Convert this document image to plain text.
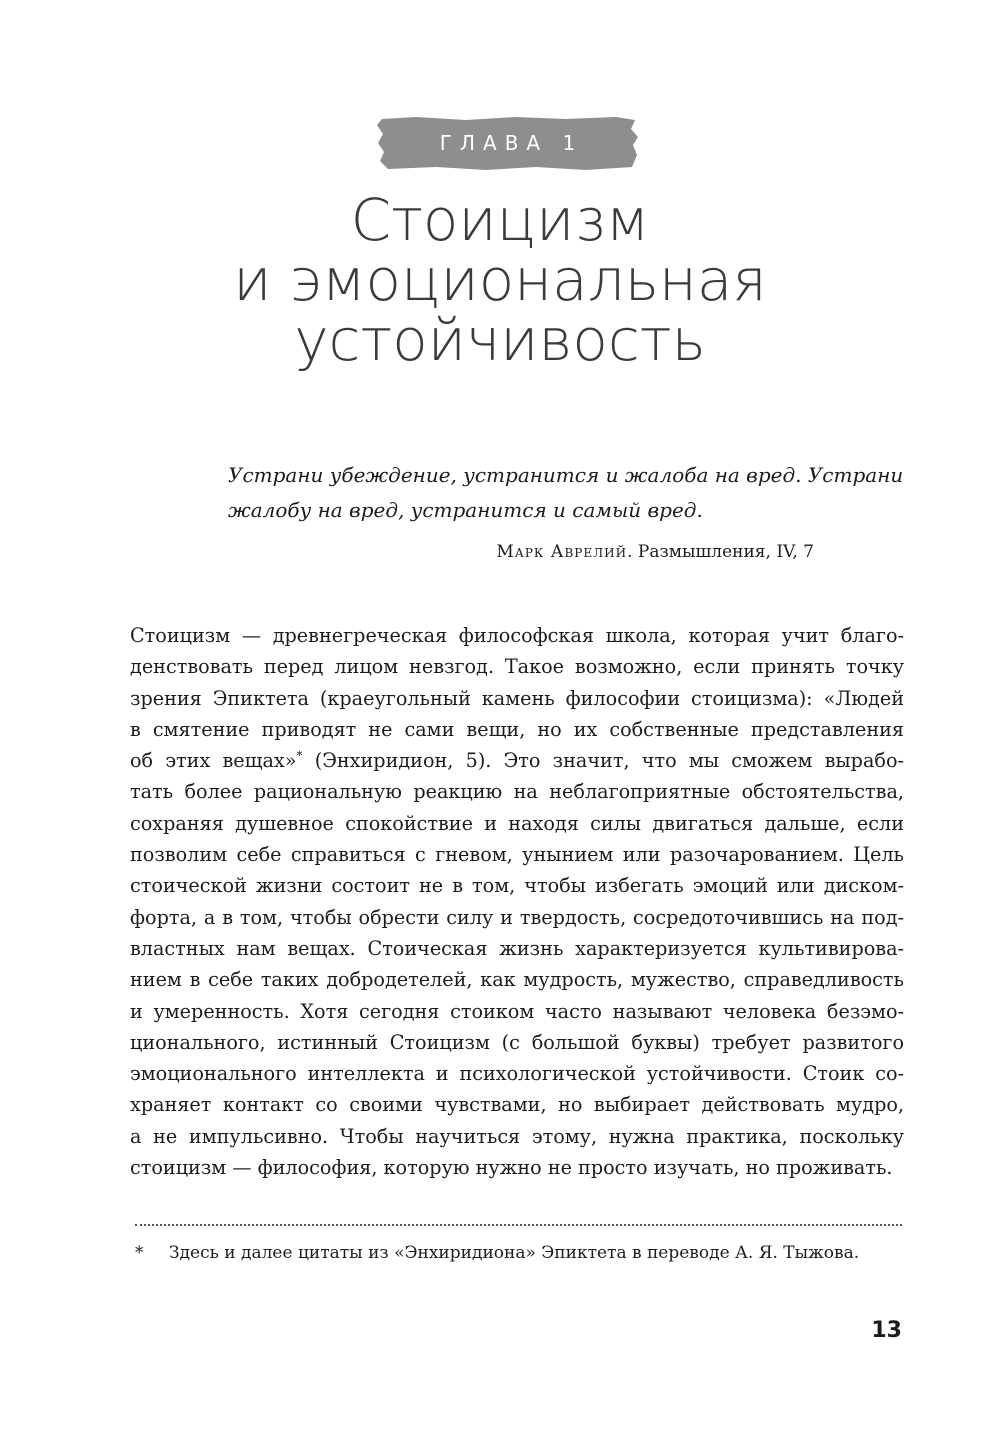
ГЛАВА 1
Стоицизм
и эмоциональная
устойчивость

Устрани убеждение, устранится и жалоба на вред. Устрани
жалобу на вред, устранится и самый вред.

Марк Аврелий. Размышления, IV, 7
Стоицизм — древнегреческая философская школа, которая учит благо-
денствовать перед лицом невзгод. Такое возможно, если принять точку
зрения Эпиктета (краеугольный камень философии стоицизма): «Людей
в смятение приводят не сами вещи, но их собственные представления
об этих вещах»* (Энхиридион, 5). Это значит, что мы сможем вырабо-
тать более рациональную реакцию на неблагоприятные обстоятельства,
сохраняя душевное спокойствие и находя силы двигаться дальше, если
позволим себе справиться с гневом, унынием или разочарованием. Цель
стоической жизни состоит не в том, чтобы избегать эмоций или диском-
форта, а в том, чтобы обрести силу и твердость, сосредоточившись на под-
властных нам вещах. Стоическая жизнь характеризуется культивирова-
нием в себе таких добродетелей, как мудрость, мужество, справедливость
и умеренность. Хотя сегодня стоиком часто называют человека безэмо-
ционального, истинный Стоицизм (с большой буквы) требует развитого
эмоционального интеллекта и психологической устойчивости. Стоик со-
храняет контакт со своими чувствами, но выбирает действовать мудро,
а не импульсивно. Чтобы научиться этому, нужна практика, поскольку
стоицизм — философия, которую нужно не просто изучать, но проживать.
* Здесь и далее цитаты из «Энхиридиона» Эпиктета в переводе А. Я. Тыжова.
13
